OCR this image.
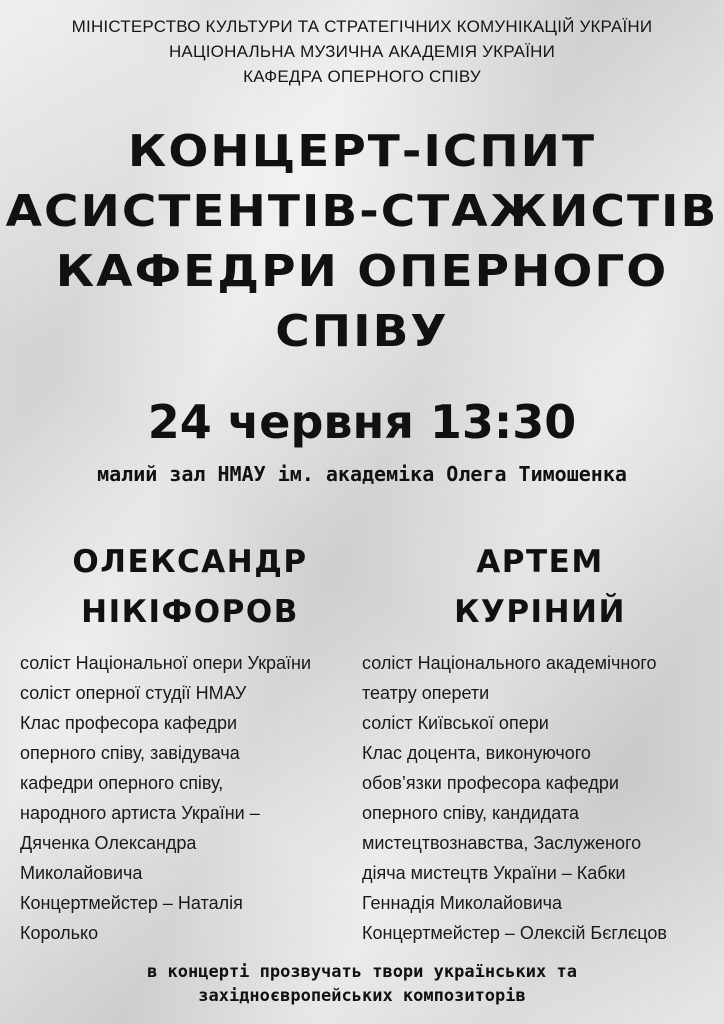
МІНІСТЕРСТВО КУЛЬТУРИ ТА СТРАТЕГІЧНИХ КОМУНІКАЦІЙ УКРАЇНИ
НАЦІОНАЛЬНА МУЗИЧНА АКАДЕМІЯ УКРАЇНИ
КАФЕДРА ОПЕРНОГО СПІВУ
КОНЦЕРТ-ІСПИТ
АСИСТЕНТІВ-СТАЖИСТІВ
КАФЕДРИ ОПЕРНОГО
СПІВУ
24 червня 13:30
малий зал НМАУ ім. академіка Олега Тимошенка
ОЛЕКСАНДР
НІКІФОРОВ
АРТЕМ
КУРІНИЙ
соліст Національної опери України
соліст оперної студії НМАУ
Клас професора кафедри
оперного співу, завідувача
кафедри оперного співу,
народного артиста України –
Дяченка Олександра
Миколайовича
Концертмейстер – Наталія
Королько
соліст Національного академічного
театру оперети
соліст Київської опери
Клас доцента, виконуючого
обов’язки професора кафедри
оперного співу, кандидата
мистецтвознавства, Заслуженого
діяча мистецтв України – Кабки
Геннадія Миколайовича
Концертмейстер – Олексій Бєглєцов
в концерті прозвучать твори українських та
західноєвропейських композиторів
